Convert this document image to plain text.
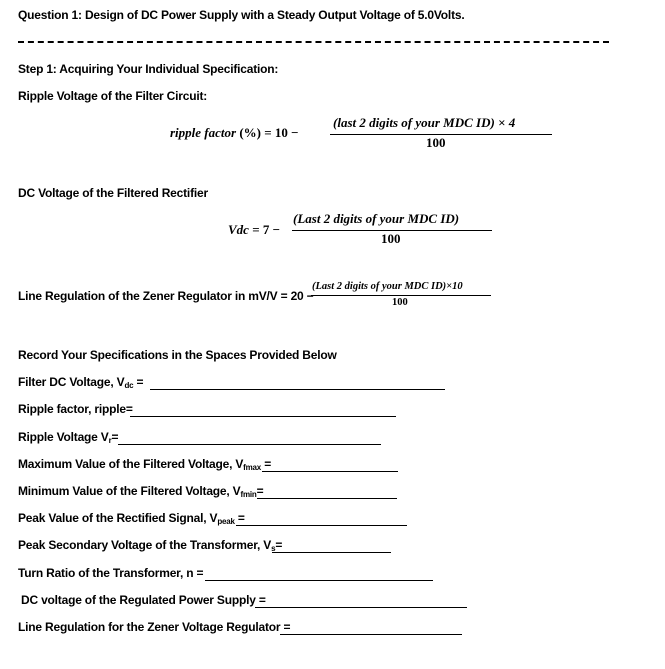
Question 1: Design of DC Power Supply with a Steady Output Voltage of 5.0Volts.
Step 1: Acquiring Your Individual Specification:
Ripple Voltage of the Filter Circuit:
ripple factor (%) = 10 −
(last 2 digits of your MDC ID) × 4
100
DC Voltage of the Filtered Rectifier
Vdc = 7 −
(Last 2 digits of your MDC ID)
100
Line Regulation of the Zener Regulator in mV/V = 20 −
(Last 2 digits of your MDC ID)×10
100
Record Your Specifications in the Spaces Provided Below
Filter DC Voltage, $V_{dc}$ =
Ripple factor, ripple=
Ripple Voltage $V_r=$
Maximum Value of the Filtered Voltage, $V_{fmax}$ =
Minimum Value of the Filtered Voltage, $V_{fmin}=$
Peak Value of the Rectified Signal, $V_{peak}$ =
Peak Secondary Voltage of the Transformer, $V_s=$
Turn Ratio of the Transformer, n =
DC voltage of the Regulated Power Supply =
Line Regulation for the Zener Voltage Regulator =
